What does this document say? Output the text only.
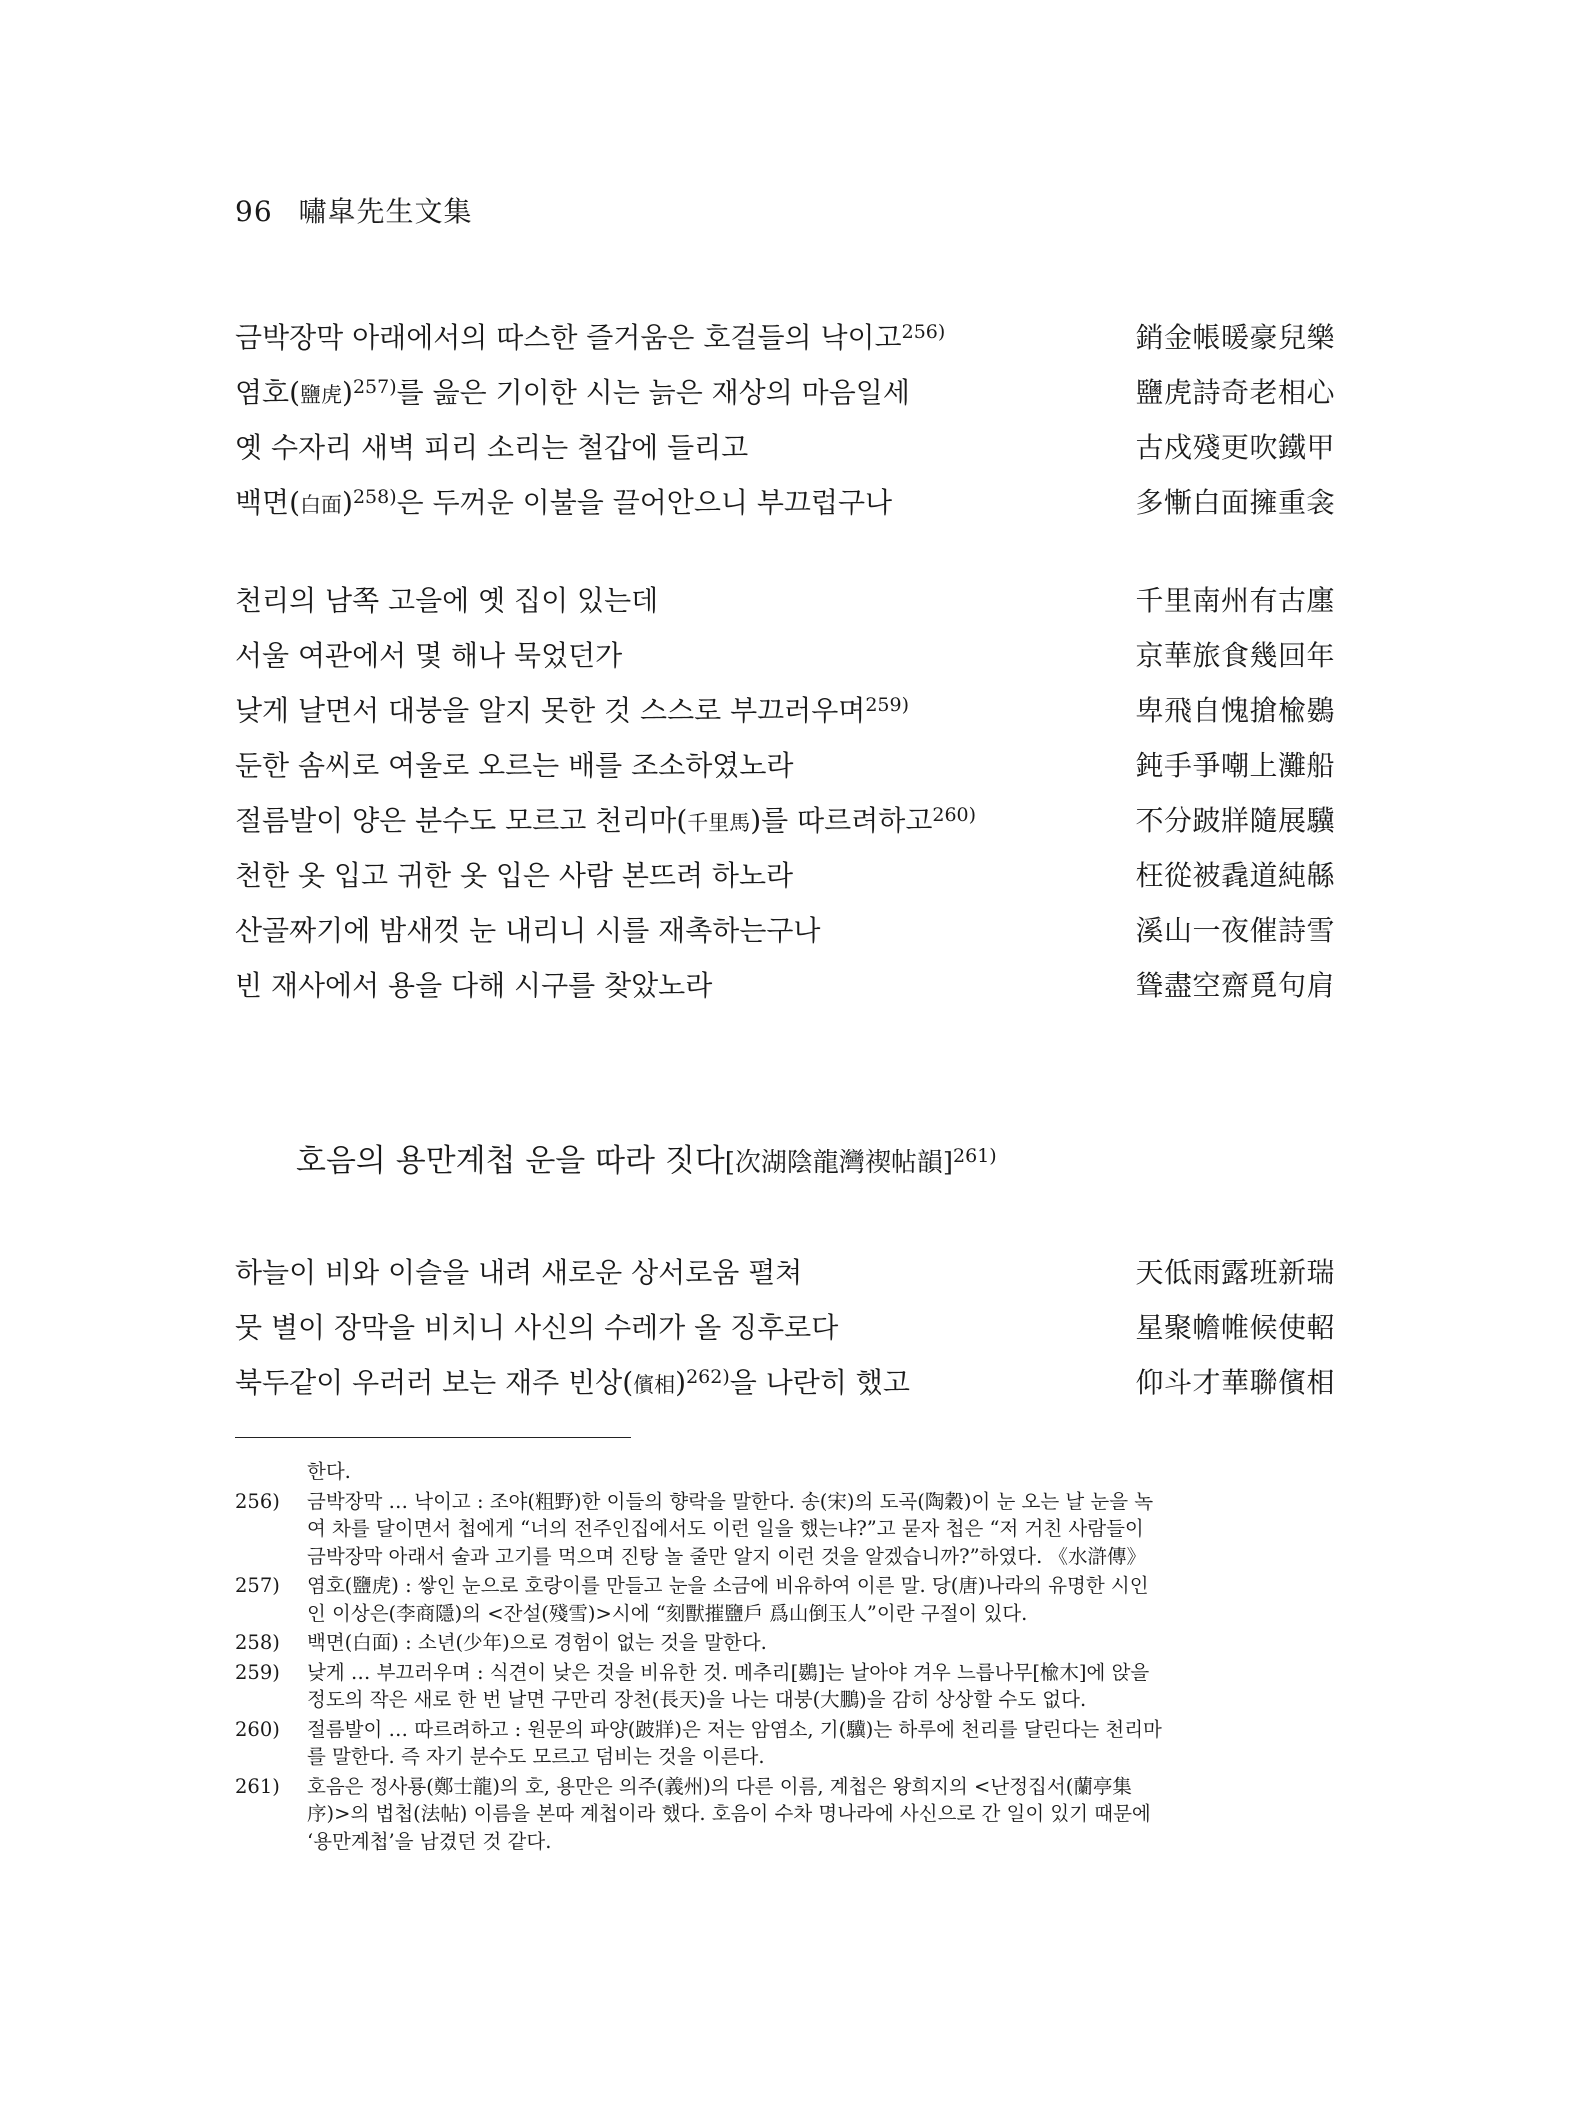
96 嘯皐先生文集
금박장막 아래에서의 따스한 즐거움은 호걸들의 낙이고$^{256)}$	銷金帳暖豪兒樂
염호(鹽虎)$^{257)}$를 읊은 기이한 시는 늙은 재상의 마음일세	鹽虎詩奇老相心
옛 수자리 새벽 피리 소리는 철갑에 들리고	古戍殘更吹鐵甲
백면(白面)$^{258)}$은 두꺼운 이불을 끌어안으니 부끄럽구나	多慚白面擁重衾
천리의 남쪽 고을에 옛 집이 있는데	千里南州有古廛
서울 여관에서 몇 해나 묵었던가	京華旅食幾回年
낮게 날면서 대붕을 알지 못한 것 스스로 부끄러우며$^{259)}$	卑飛自愧搶楡鷃
둔한 솜씨로 여울로 오르는 배를 조소하였노라	鈍手爭嘲上灘船
절름발이 양은 분수도 모르고 천리마(千里馬)를 따르려하고$^{260)}$	不分跛牂隨展驥
천한 옷 입고 귀한 옷 입은 사람 본뜨려 하노라	枉從被毳道純緜
산골짜기에 밤새껏 눈 내리니 시를 재촉하는구나	溪山一夜催詩雪
빈 재사에서 용을 다해 시구를 찾았노라	聳盡空齋覓句肩
호음의 용만계첩 운을 따라 짓다[次湖陰龍灣禊帖韻]$^{261)}$
하늘이 비와 이슬을 내려 새로운 상서로움 펼쳐	天低雨露班新瑞
뭇 별이 장막을 비치니 사신의 수레가 올 징후로다	星聚幨帷候使軺
북두같이 우러러 보는 재주 빈상(儐相)$^{262)}$을 나란히 했고	仰斗才華聯儐相
한다.
256) 금박장막 … 낙이고 : 조야(粗野)한 이들의 향락을 말한다. 송(宋)의 도곡(陶穀)이 눈 오는 날 눈을 녹
여 차를 달이면서 첩에게 “너의 전주인집에서도 이런 일을 했는냐?”고 묻자 첩은 “저 거친 사람들이
금박장막 아래서 술과 고기를 먹으며 진탕 놀 줄만 알지 이런 것을 알겠습니까?”하였다. 《水滸傳》
257) 염호(鹽虎) : 쌓인 눈으로 호랑이를 만들고 눈을 소금에 비유하여 이른 말. 당(唐)나라의 유명한 시인
인 이상은(李商隱)의 <잔설(殘雪)>시에 “刻獸摧鹽戶 爲山倒玉人”이란 구절이 있다.
258) 백면(白面) : 소년(少年)으로 경험이 없는 것을 말한다.
259) 낮게 … 부끄러우며 : 식견이 낮은 것을 비유한 것. 메추리[鷃]는 날아야 겨우 느릅나무[楡木]에 앉을
정도의 작은 새로 한 번 날면 구만리 장천(長天)을 나는 대붕(大鵬)을 감히 상상할 수도 없다.
260) 절름발이 … 따르려하고 : 원문의 파양(跛牂)은 저는 암염소, 기(驥)는 하루에 천리를 달린다는 천리마
를 말한다. 즉 자기 분수도 모르고 덤비는 것을 이른다.
261) 호음은 정사룡(鄭士龍)의 호, 용만은 의주(義州)의 다른 이름, 계첩은 왕희지의 <난정집서(蘭亭集
序)>의 법첩(法帖) 이름을 본따 계첩이라 했다. 호음이 수차 명나라에 사신으로 간 일이 있기 때문에
‘용만계첩’을 남겼던 것 같다.
